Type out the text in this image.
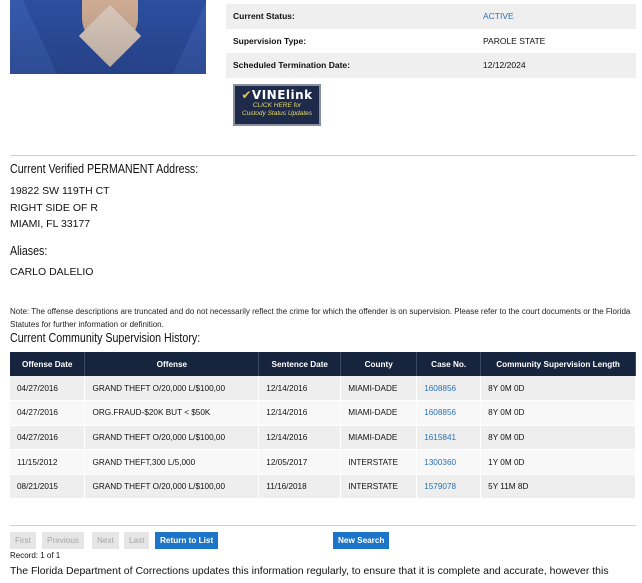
Current Status:	ACTIVE
Supervision Type:	PAROLE STATE
Scheduled Termination Date:	12/12/2024
✔VINElink
CLICK HERE for
Custody Status Updates
Current Verified PERMANENT Address:
19822 SW 119TH CT
RIGHT SIDE OF R
MIAMI, FL 33177
Aliases:
CARLO DALELIO
Note: The offense descriptions are truncated and do not necessarily reflect the crime for which the offender is on supervision. Please refer to the court documents or the Florida Statutes for further information or definition.
Current Community Supervision History:
Offense Date	Offense	Sentence Date	County	Case No.	Community Supervision Length
04/27/2016	GRAND THEFT O/20,000 L/$100,00	12/14/2016	MIAMI-DADE	1608856	8Y 0M 0D
04/27/2016	ORG.FRAUD-$20K BUT < $50K	12/14/2016	MIAMI-DADE	1608856	8Y 0M 0D
04/27/2016	GRAND THEFT O/20,000 L/$100,00	12/14/2016	MIAMI-DADE	1615841	8Y 0M 0D
11/15/2012	GRAND THEFT,300 L/5,000	12/05/2017	INTERSTATE	1300360	1Y 0M 0D
08/21/2015	GRAND THEFT O/20,000 L/$100,00	11/16/2018	INTERSTATE	1579078	5Y 11M 8D
First	Previous	Next	Last	Return to List	New Search
Record: 1 of 1
The Florida Department of Corrections updates this information regularly, to ensure that it is complete and accurate, however this
